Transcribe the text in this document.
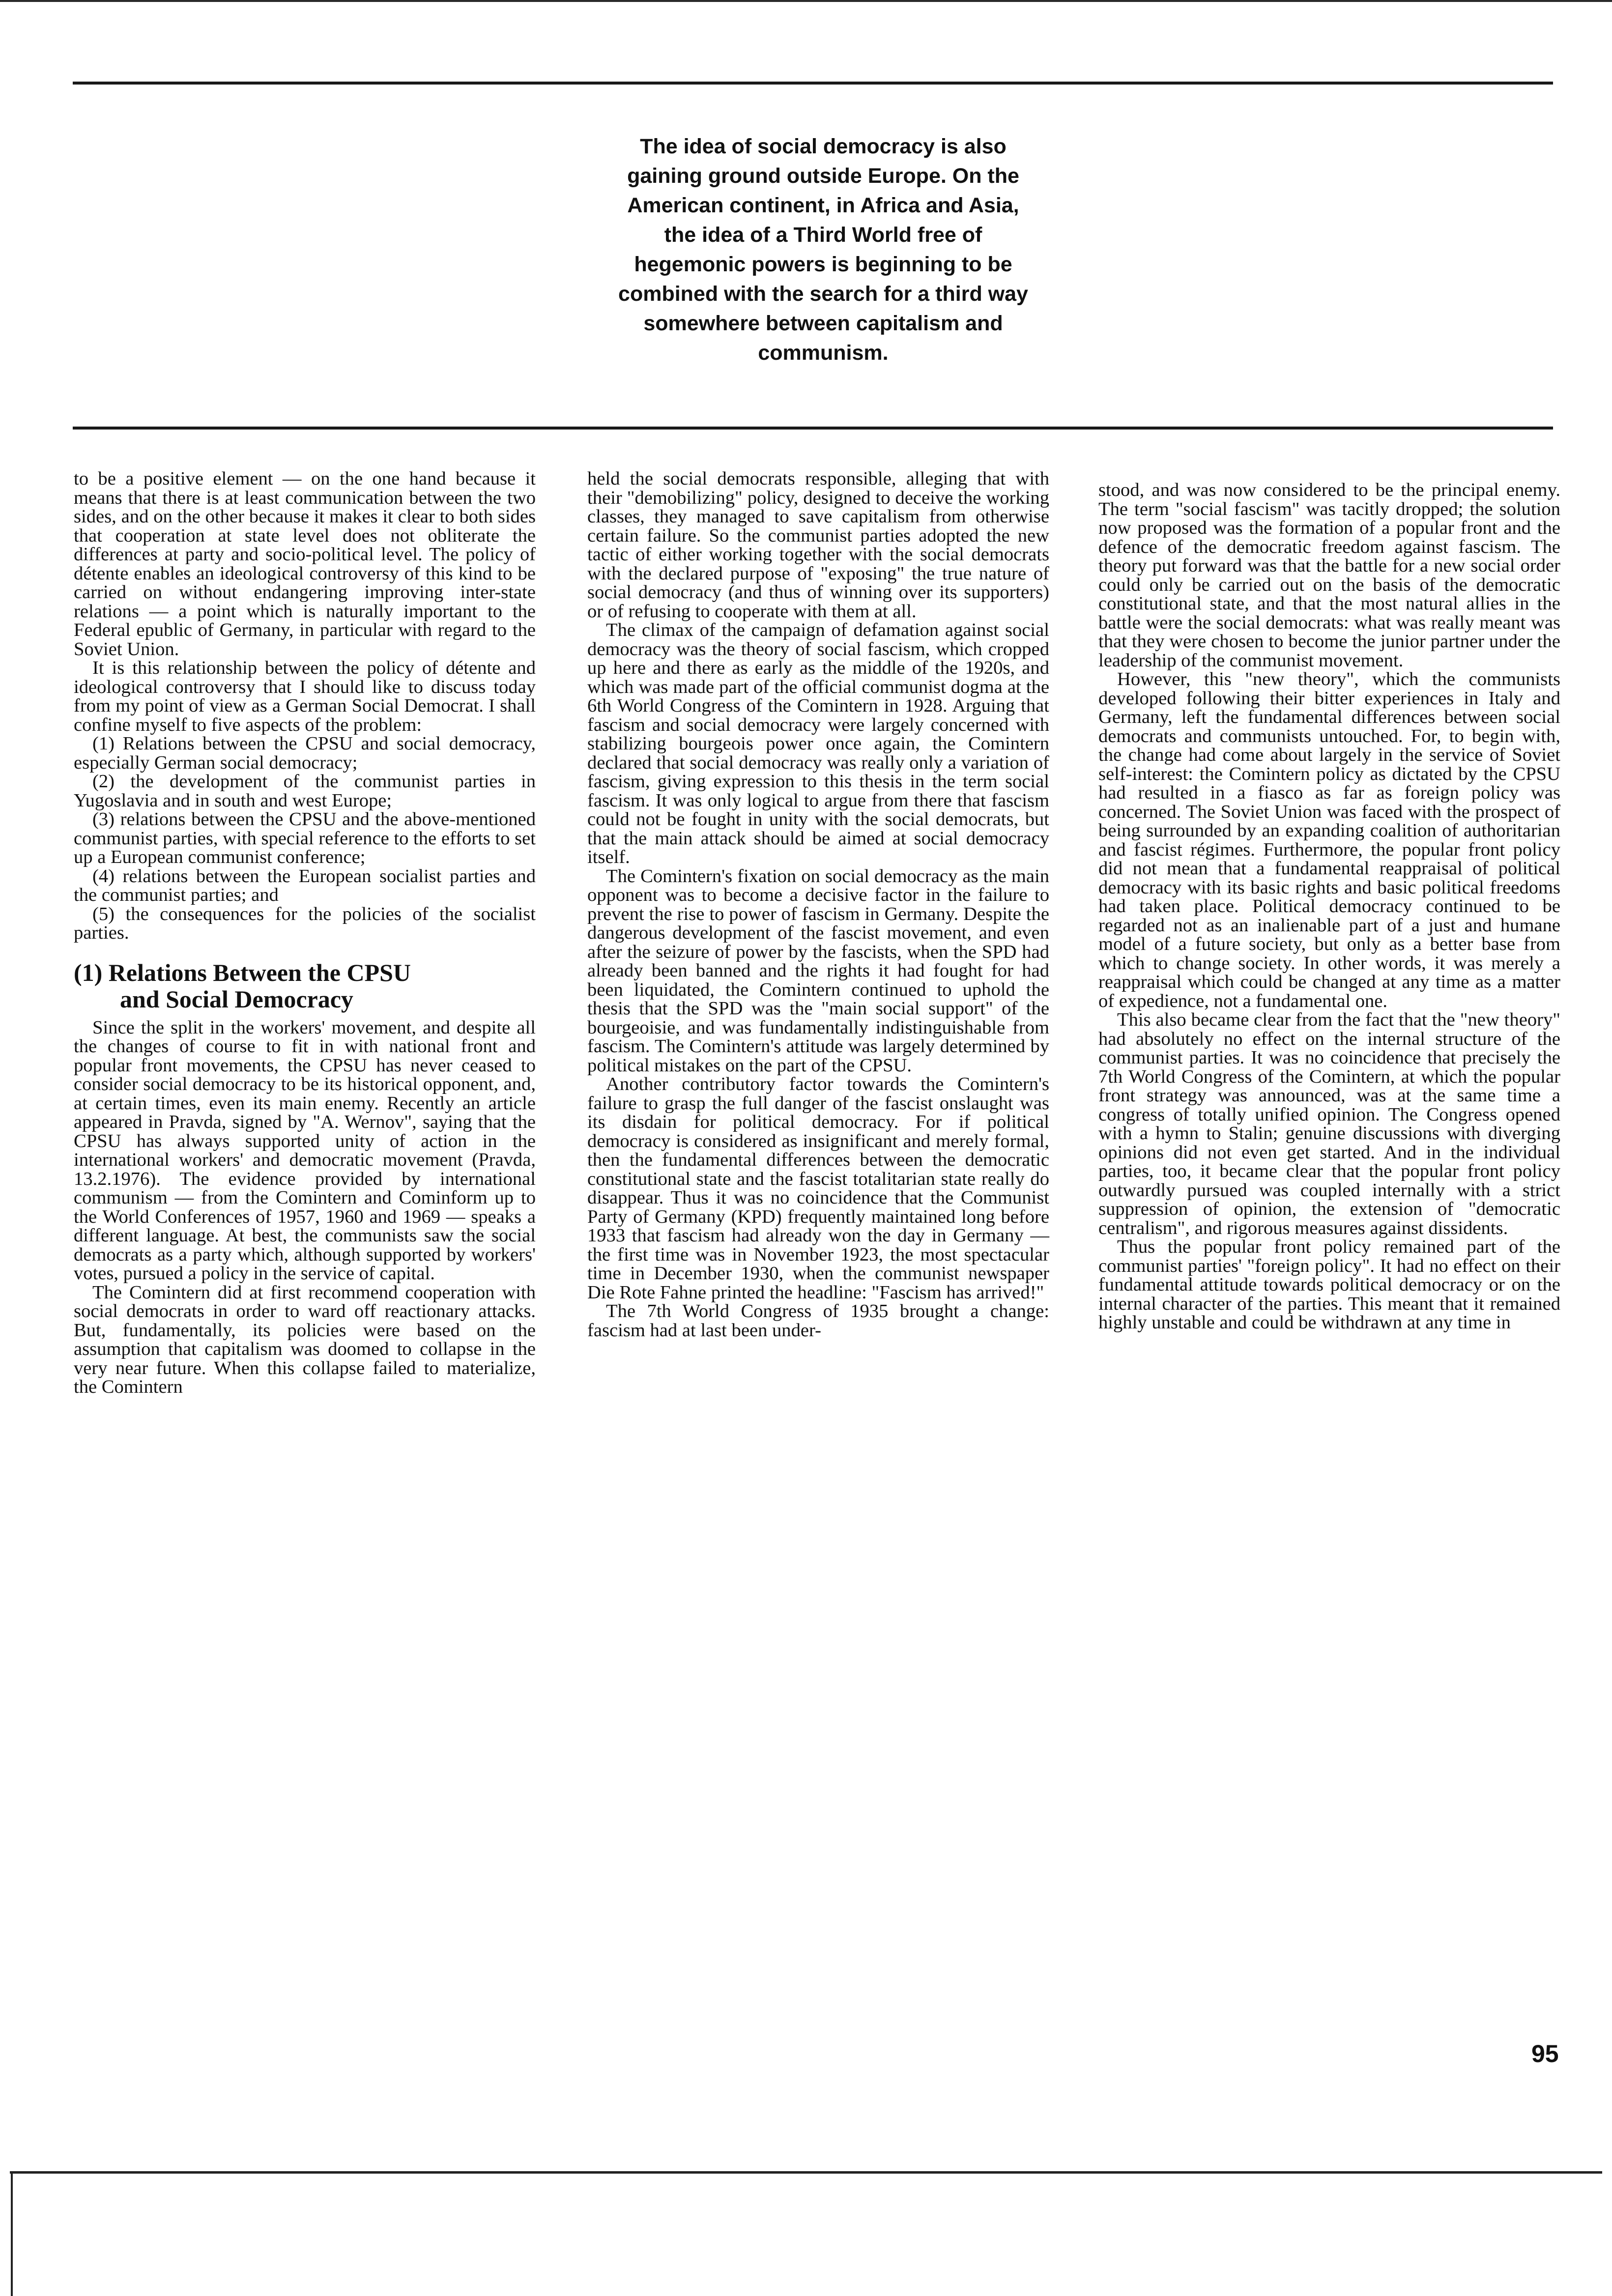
The idea of social democracy is also
gaining ground outside Europe. On the
American continent, in Africa and Asia,
the idea of a Third World free of
hegemonic powers is beginning to be
combined with the search for a third way
somewhere between capitalism and
communism.

to be a positive element — on the one hand because it means that there is at least communication between the two sides, and on the other because it makes it clear to both sides that cooperation at state level does not obliterate the differences at party and socio-political level. The policy of détente enables an ideological controversy of this kind to be carried on without endangering improving inter-state relations — a point which is naturally important to the Federal epublic of Germany, in particular with regard to the Soviet Union.

It is this relationship between the policy of détente and ideological controversy that I should like to discuss today from my point of view as a German Social Democrat. I shall confine myself to five aspects of the problem:

(1) Relations between the CPSU and social democracy, especially German social democracy;

(2) the development of the communist parties in Yugoslavia and in south and west Europe;

(3) relations between the CPSU and the above-mentioned communist parties, with special reference to the efforts to set up a European communist conference;

(4) relations between the European socialist parties and the communist parties; and

(5) the consequences for the policies of the socialist parties.

(1) Relations Between the CPSU
and Social Democracy

Since the split in the workers' movement, and despite all the changes of course to fit in with national front and popular front movements, the CPSU has never ceased to consider social democracy to be its historical opponent, and, at certain times, even its main enemy. Recently an article appeared in Pravda, signed by "A. Wernov", saying that the CPSU has always supported unity of action in the international workers' and democratic movement (Pravda, 13.2.1976). The evidence provided by international communism — from the Comintern and Cominform up to the World Conferences of 1957, 1960 and 1969 — speaks a different language. At best, the communists saw the social democrats as a party which, although supported by workers' votes, pursued a policy in the service of capital.

The Comintern did at first recommend cooperation with social democrats in order to ward off reactionary attacks. But, fundamentally, its policies were based on the assumption that capitalism was doomed to collapse in the very near future. When this collapse failed to materialize, the Comintern

held the social democrats responsible, alleging that with their "demobilizing" policy, designed to deceive the working classes, they managed to save capitalism from otherwise certain failure. So the communist parties adopted the new tactic of either working together with the social democrats with the declared purpose of "exposing" the true nature of social democracy (and thus of winning over its supporters) or of refusing to cooperate with them at all.

The climax of the campaign of defamation against social democracy was the theory of social fascism, which cropped up here and there as early as the middle of the 1920s, and which was made part of the official communist dogma at the 6th World Congress of the Comintern in 1928. Arguing that fascism and social democracy were largely concerned with stabilizing bourgeois power once again, the Comintern declared that social democracy was really only a variation of fascism, giving expression to this thesis in the term social fascism. It was only logical to argue from there that fascism could not be fought in unity with the social democrats, but that the main attack should be aimed at social democracy itself.

The Comintern's fixation on social democracy as the main opponent was to become a decisive factor in the failure to prevent the rise to power of fascism in Germany. Despite the dangerous development of the fascist movement, and even after the seizure of power by the fascists, when the SPD had already been banned and the rights it had fought for had been liquidated, the Comintern continued to uphold the thesis that the SPD was the "main social support" of the bourgeoisie, and was fundamentally indistinguishable from fascism. The Comintern's attitude was largely determined by political mistakes on the part of the CPSU.

Another contributory factor towards the Comintern's failure to grasp the full danger of the fascist onslaught was its disdain for political democracy. For if political democracy is considered as insignificant and merely formal, then the fundamental differences between the democratic constitutional state and the fascist totalitarian state really do disappear. Thus it was no coincidence that the Communist Party of Germany (KPD) frequently maintained long before 1933 that fascism had already won the day in Germany — the first time was in November 1923, the most spectacular time in December 1930, when the communist newspaper Die Rote Fahne printed the headline: "Fascism has arrived!"

The 7th World Congress of 1935 brought a change: fascism had at last been under-

stood, and was now considered to be the principal enemy. The term "social fascism" was tacitly dropped; the solution now proposed was the formation of a popular front and the defence of the democratic freedom against fascism. The theory put forward was that the battle for a new social order could only be carried out on the basis of the democratic constitutional state, and that the most natural allies in the battle were the social democrats: what was really meant was that they were chosen to become the junior partner under the leadership of the communist movement.

However, this "new theory", which the communists developed following their bitter experiences in Italy and Germany, left the fundamental differences between social democrats and communists untouched. For, to begin with, the change had come about largely in the service of Soviet self-interest: the Comintern policy as dictated by the CPSU had resulted in a fiasco as far as foreign policy was concerned. The Soviet Union was faced with the prospect of being surrounded by an expanding coalition of authoritarian and fascist régimes. Furthermore, the popular front policy did not mean that a fundamental reappraisal of political democracy with its basic rights and basic political freedoms had taken place. Political democracy continued to be regarded not as an inalienable part of a just and humane model of a future society, but only as a better base from which to change society. In other words, it was merely a reappraisal which could be changed at any time as a matter of expedience, not a fundamental one.

This also became clear from the fact that the "new theory" had absolutely no effect on the internal structure of the communist parties. It was no coincidence that precisely the 7th World Congress of the Comintern, at which the popular front strategy was announced, was at the same time a congress of totally unified opinion. The Congress opened with a hymn to Stalin; genuine discussions with diverging opinions did not even get started. And in the individual parties, too, it became clear that the popular front policy outwardly pursued was coupled internally with a strict suppression of opinion, the extension of "democratic centralism", and rigorous measures against dissidents.

Thus the popular front policy remained part of the communist parties' "foreign policy". It had no effect on their fundamental attitude towards political democracy or on the internal character of the parties. This meant that it remained highly unstable and could be withdrawn at any time in

95
